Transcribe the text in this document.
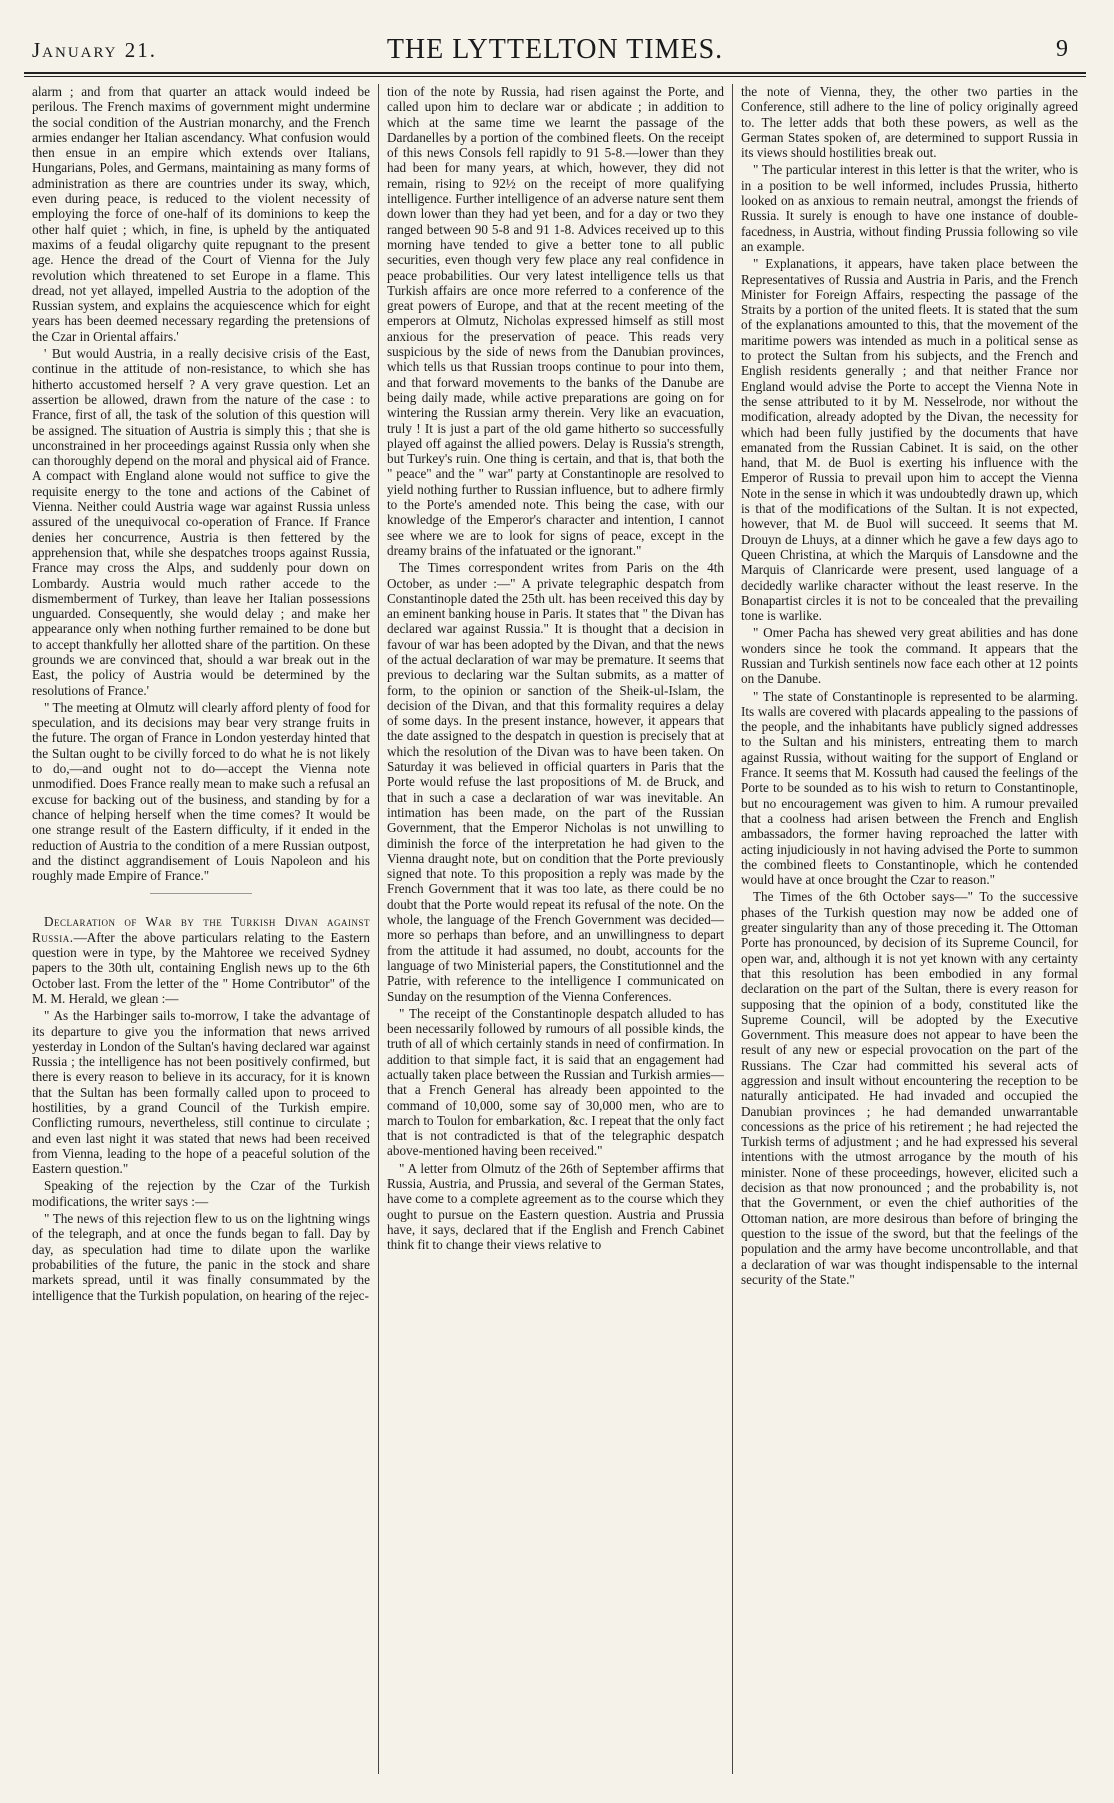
January 21.	THE LYTTELTON TIMES.	9

alarm ; and from that quarter an attack would indeed be perilous. The French maxims of government might undermine the social condition of the Austrian monarchy, and the French armies endanger her Italian ascendancy. What confusion would then ensue in an empire which extends over Italians, Hungarians, Poles, and Germans, maintaining as many forms of administration as there are countries under its sway, which, even during peace, is reduced to the violent necessity of employing the force of one-half of its dominions to keep the other half quiet ; which, in fine, is upheld by the antiquated maxims of a feudal oligarchy quite repugnant to the present age. Hence the dread of the Court of Vienna for the July revolution which threatened to set Europe in a flame. This dread, not yet allayed, impelled Austria to the adoption of the Russian system, and explains the acquiescence which for eight years has been deemed necessary regarding the pretensions of the Czar in Oriental affairs.'

' But would Austria, in a really decisive crisis of the East, continue in the attitude of non-resistance, to which she has hitherto accustomed herself ? A very grave question. Let an assertion be allowed, drawn from the nature of the case : to France, first of all, the task of the solution of this question will be assigned. The situation of Austria is simply this ; that she is unconstrained in her proceedings against Russia only when she can thoroughly depend on the moral and physical aid of France. A compact with England alone would not suffice to give the requisite energy to the tone and actions of the Cabinet of Vienna. Neither could Austria wage war against Russia unless assured of the unequivocal co-operation of France. If France denies her concurrence, Austria is then fettered by the apprehension that, while she despatches troops against Russia, France may cross the Alps, and suddenly pour down on Lombardy. Austria would much rather accede to the dismemberment of Turkey, than leave her Italian possessions unguarded. Consequently, she would delay ; and make her appearance only when nothing further remained to be done but to accept thankfully her allotted share of the partition. On these grounds we are convinced that, should a war break out in the East, the policy of Austria would be determined by the resolutions of France.'

" The meeting at Olmutz will clearly afford plenty of food for speculation, and its decisions may bear very strange fruits in the future. The organ of France in London yesterday hinted that the Sultan ought to be civilly forced to do what he is not likely to do,—and ought not to do—accept the Vienna note unmodified. Does France really mean to make such a refusal an excuse for backing out of the business, and standing by for a chance of helping herself when the time comes? It would be one strange result of the Eastern difficulty, if it ended in the reduction of Austria to the condition of a mere Russian outpost, and the distinct aggrandisement of Louis Napoleon and his roughly made Empire of France."

Declaration of War by the Turkish Divan against Russia.—After the above particulars relating to the Eastern question were in type, by the Mahtoree we received Sydney papers to the 30th ult, containing English news up to the 6th October last. From the letter of the " Home Contributor" of the M. M. Herald, we glean :—

" As the Harbinger sails to-morrow, I take the advantage of its departure to give you the information that news arrived yesterday in London of the Sultan's having declared war against Russia ; the intelligence has not been positively confirmed, but there is every reason to believe in its accuracy, for it is known that the Sultan has been formally called upon to proceed to hostilities, by a grand Council of the Turkish empire. Conflicting rumours, nevertheless, still continue to circulate ; and even last night it was stated that news had been received from Vienna, leading to the hope of a peaceful solution of the Eastern question."

Speaking of the rejection by the Czar of the Turkish modifications, the writer says :—

" The news of this rejection flew to us on the lightning wings of the telegraph, and at once the funds began to fall. Day by day, as speculation had time to dilate upon the warlike probabilities of the future, the panic in the stock and share markets spread, until it was finally consummated by the intelligence that the Turkish population, on hearing of the rejec-

tion of the note by Russia, had risen against the Porte, and called upon him to declare war or abdicate ; in addition to which at the same time we learnt the passage of the Dardanelles by a portion of the combined fleets. On the receipt of this news Consols fell rapidly to 91 5-8.—lower than they had been for many years, at which, however, they did not remain, rising to 92½ on the receipt of more qualifying intelligence. Further intelligence of an adverse nature sent them down lower than they had yet been, and for a day or two they ranged between 90 5-8 and 91 1-8. Advices received up to this morning have tended to give a better tone to all public securities, even though very few place any real confidence in peace probabilities. Our very latest intelligence tells us that Turkish affairs are once more referred to a conference of the great powers of Europe, and that at the recent meeting of the emperors at Olmutz, Nicholas expressed himself as still most anxious for the preservation of peace. This reads very suspicious by the side of news from the Danubian provinces, which tells us that Russian troops continue to pour into them, and that forward movements to the banks of the Danube are being daily made, while active preparations are going on for wintering the Russian army therein. Very like an evacuation, truly ! It is just a part of the old game hitherto so successfully played off against the allied powers. Delay is Russia's strength, but Turkey's ruin. One thing is certain, and that is, that both the " peace" and the " war" party at Constantinople are resolved to yield nothing further to Russian influence, but to adhere firmly to the Porte's amended note. This being the case, with our knowledge of the Emperor's character and intention, I cannot see where we are to look for signs of peace, except in the dreamy brains of the infatuated or the ignorant."

The Times correspondent writes from Paris on the 4th October, as under :—" A private telegraphic despatch from Constantinople dated the 25th ult. has been received this day by an eminent banking house in Paris. It states that " the Divan has declared war against Russia." It is thought that a decision in favour of war has been adopted by the Divan, and that the news of the actual declaration of war may be premature. It seems that previous to declaring war the Sultan submits, as a matter of form, to the opinion or sanction of the Sheik-ul-Islam, the decision of the Divan, and that this formality requires a delay of some days. In the present instance, however, it appears that the date assigned to the despatch in question is precisely that at which the resolution of the Divan was to have been taken. On Saturday it was believed in official quarters in Paris that the Porte would refuse the last propositions of M. de Bruck, and that in such a case a declaration of war was inevitable. An intimation has been made, on the part of the Russian Government, that the Emperor Nicholas is not unwilling to diminish the force of the interpretation he had given to the Vienna draught note, but on condition that the Porte previously signed that note. To this proposition a reply was made by the French Government that it was too late, as there could be no doubt that the Porte would repeat its refusal of the note. On the whole, the language of the French Government was decided—more so perhaps than before, and an unwillingness to depart from the attitude it had assumed, no doubt, accounts for the language of two Ministerial papers, the Constitutionnel and the Patrie, with reference to the intelligence I communicated on Sunday on the resumption of the Vienna Conferences.

" The receipt of the Constantinople despatch alluded to has been necessarily followed by rumours of all possible kinds, the truth of all of which certainly stands in need of confirmation. In addition to that simple fact, it is said that an engagement had actually taken place between the Russian and Turkish armies—that a French General has already been appointed to the command of 10,000, some say of 30,000 men, who are to march to Toulon for embarkation, &c. I repeat that the only fact that is not contradicted is that of the telegraphic despatch above-mentioned having been received."

" A letter from Olmutz of the 26th of September affirms that Russia, Austria, and Prussia, and several of the German States, have come to a complete agreement as to the course which they ought to pursue on the Eastern question. Austria and Prussia have, it says, declared that if the English and French Cabinet think fit to change their views relative to

the note of Vienna, they, the other two parties in the Conference, still adhere to the line of policy originally agreed to. The letter adds that both these powers, as well as the German States spoken of, are determined to support Russia in its views should hostilities break out.

" The particular interest in this letter is that the writer, who is in a position to be well informed, includes Prussia, hitherto looked on as anxious to remain neutral, amongst the friends of Russia. It surely is enough to have one instance of double-facedness, in Austria, without finding Prussia following so vile an example.

" Explanations, it appears, have taken place between the Representatives of Russia and Austria in Paris, and the French Minister for Foreign Affairs, respecting the passage of the Straits by a portion of the united fleets. It is stated that the sum of the explanations amounted to this, that the movement of the maritime powers was intended as much in a political sense as to protect the Sultan from his subjects, and the French and English residents generally ; and that neither France nor England would advise the Porte to accept the Vienna Note in the sense attributed to it by M. Nesselrode, nor without the modification, already adopted by the Divan, the necessity for which had been fully justified by the documents that have emanated from the Russian Cabinet. It is said, on the other hand, that M. de Buol is exerting his influence with the Emperor of Russia to prevail upon him to accept the Vienna Note in the sense in which it was undoubtedly drawn up, which is that of the modifications of the Sultan. It is not expected, however, that M. de Buol will succeed. It seems that M. Drouyn de Lhuys, at a dinner which he gave a few days ago to Queen Christina, at which the Marquis of Lansdowne and the Marquis of Clanricarde were present, used language of a decidedly warlike character without the least reserve. In the Bonapartist circles it is not to be concealed that the prevailing tone is warlike.

" Omer Pacha has shewed very great abilities and has done wonders since he took the command. It appears that the Russian and Turkish sentinels now face each other at 12 points on the Danube.

" The state of Constantinople is represented to be alarming. Its walls are covered with placards appealing to the passions of the people, and the inhabitants have publicly signed addresses to the Sultan and his ministers, entreating them to march against Russia, without waiting for the support of England or France. It seems that M. Kossuth had caused the feelings of the Porte to be sounded as to his wish to return to Constantinople, but no encouragement was given to him. A rumour prevailed that a coolness had arisen between the French and English ambassadors, the former having reproached the latter with acting injudiciously in not having advised the Porte to summon the combined fleets to Constantinople, which he contended would have at once brought the Czar to reason."

The Times of the 6th October says—" To the successive phases of the Turkish question may now be added one of greater singularity than any of those preceding it. The Ottoman Porte has pronounced, by decision of its Supreme Council, for open war, and, although it is not yet known with any certainty that this resolution has been embodied in any formal declaration on the part of the Sultan, there is every reason for supposing that the opinion of a body, constituted like the Supreme Council, will be adopted by the Executive Government. This measure does not appear to have been the result of any new or especial provocation on the part of the Russians. The Czar had committed his several acts of aggression and insult without encountering the reception to be naturally anticipated. He had invaded and occupied the Danubian provinces ; he had demanded unwarrantable concessions as the price of his retirement ; he had rejected the Turkish terms of adjustment ; and he had expressed his several intentions with the utmost arrogance by the mouth of his minister. None of these proceedings, however, elicited such a decision as that now pronounced ; and the probability is, not that the Government, or even the chief authorities of the Ottoman nation, are more desirous than before of bringing the question to the issue of the sword, but that the feelings of the population and the army have become uncontrollable, and that a declaration of war was thought indispensable to the internal security of the State."
